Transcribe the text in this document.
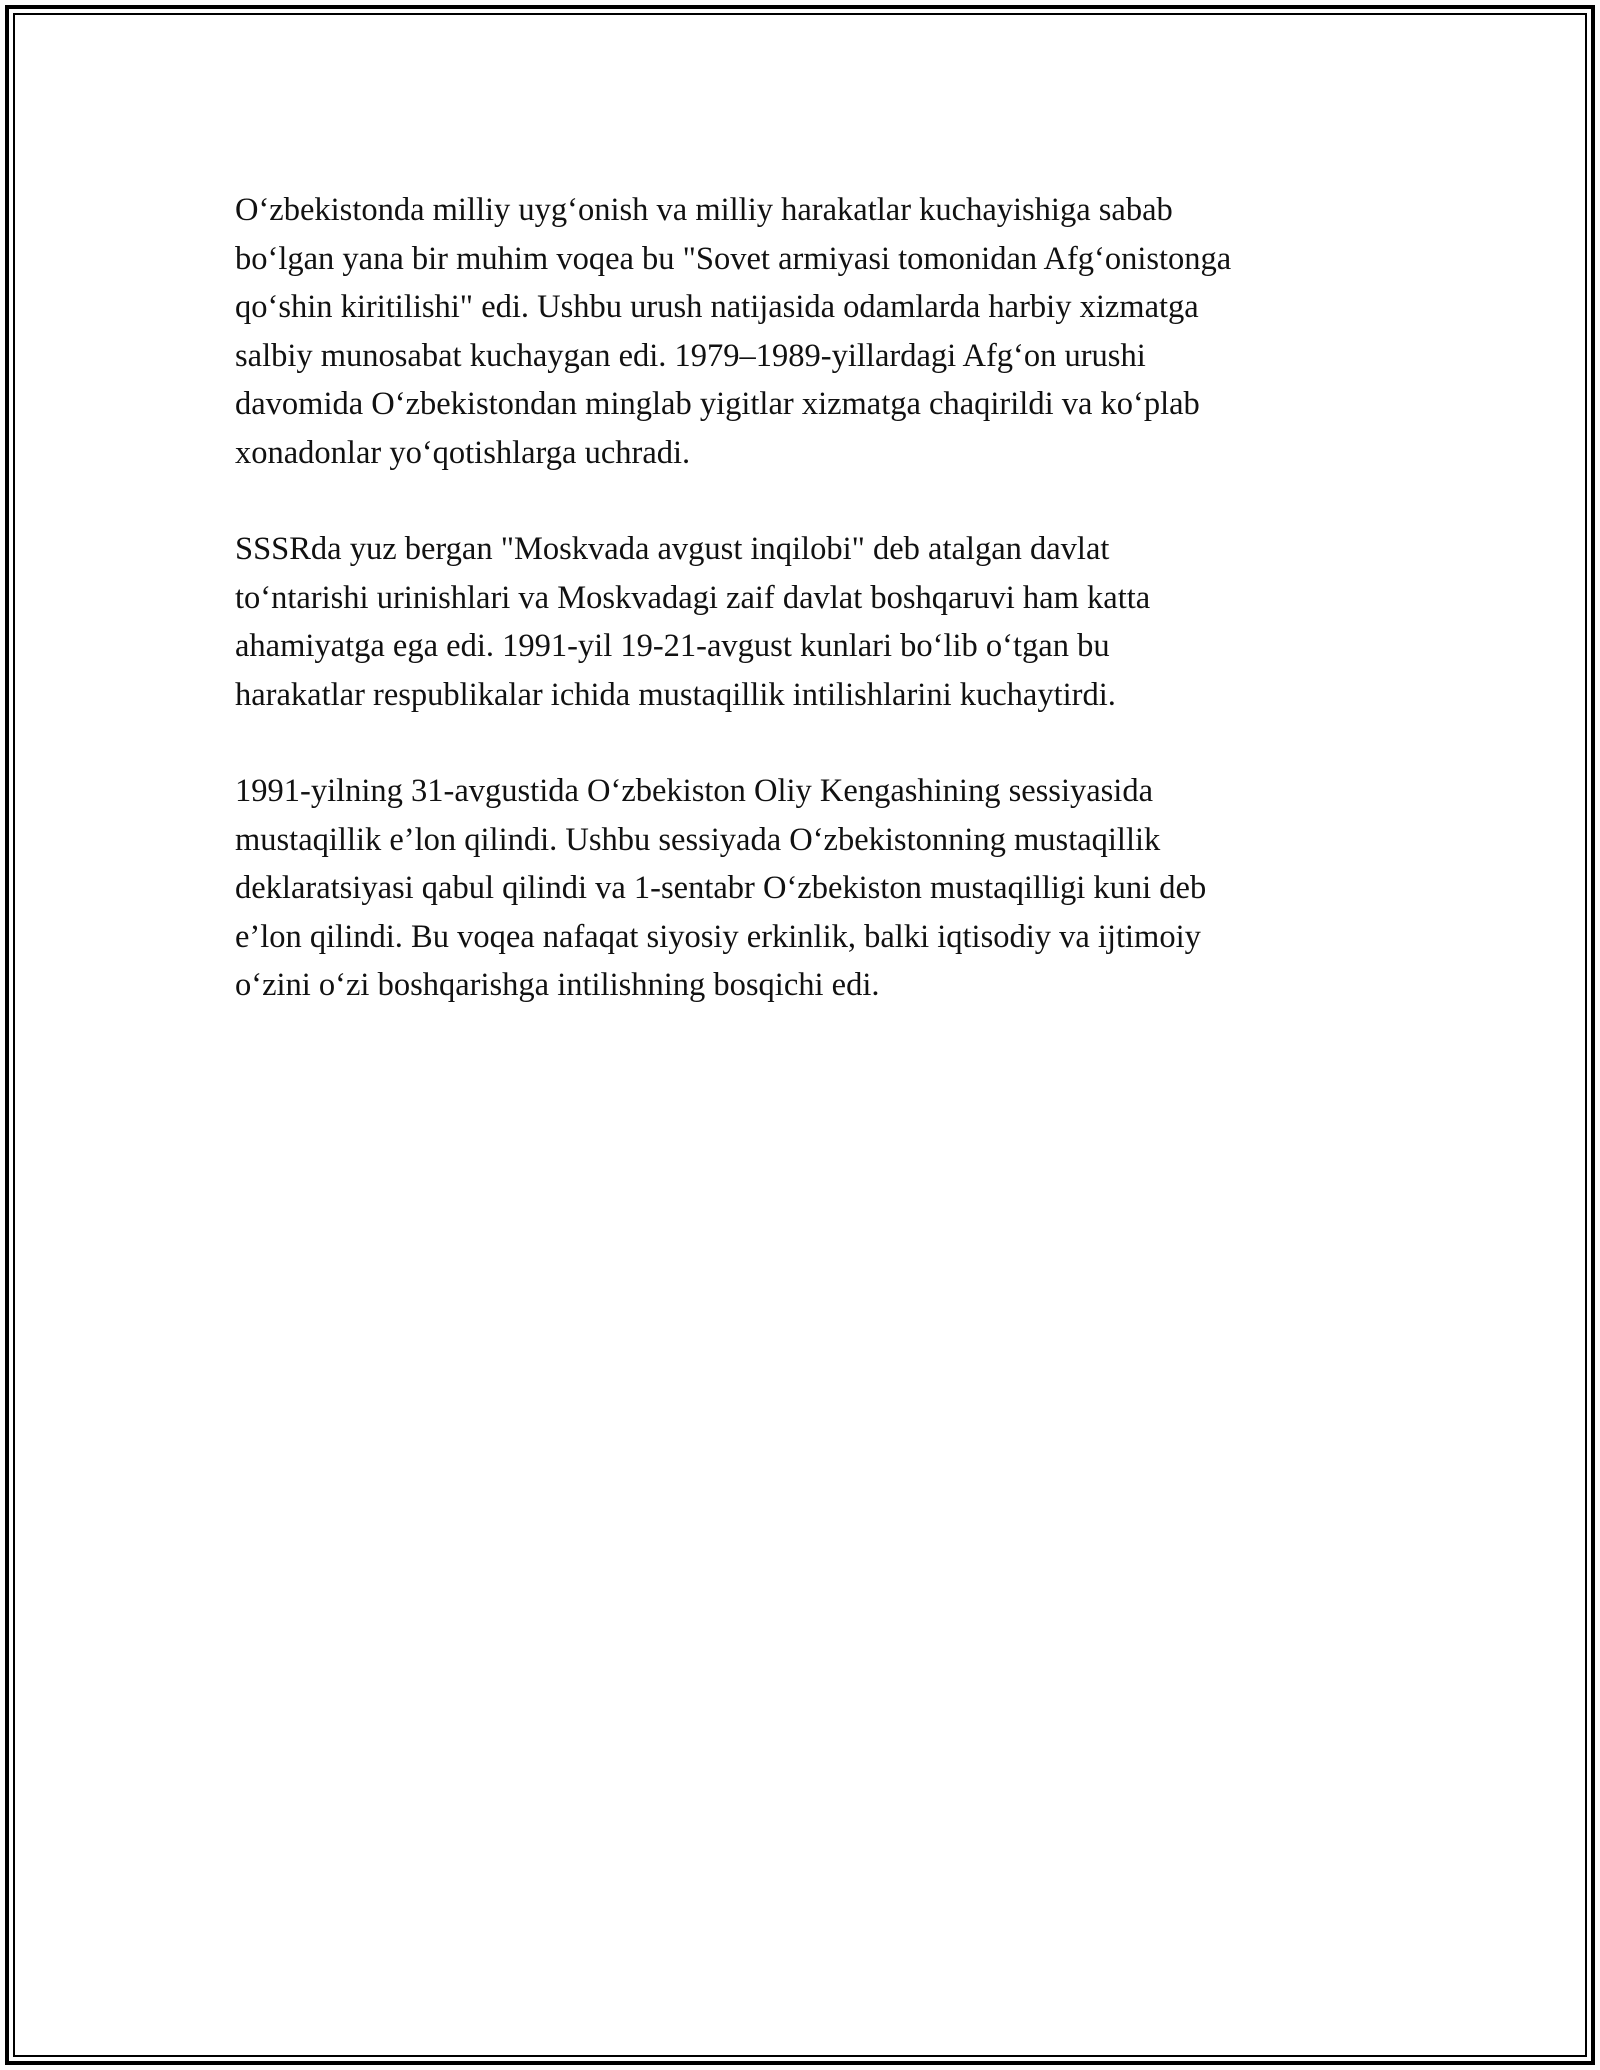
O‘zbekistonda milliy uyg‘onish va milliy harakatlar kuchayishiga sabab
bo‘lgan yana bir muhim voqea bu "Sovet armiyasi tomonidan Afg‘onistonga
qo‘shin kiritilishi" edi. Ushbu urush natijasida odamlarda harbiy xizmatga
salbiy munosabat kuchaygan edi. 1979–1989-yillardagi Afg‘on urushi
davomida O‘zbekistondan minglab yigitlar xizmatga chaqirildi va ko‘plab
xonadonlar yo‘qotishlarga uchradi.

SSSRda yuz bergan "Moskvada avgust inqilobi" deb atalgan davlat
to‘ntarishi urinishlari va Moskvadagi zaif davlat boshqaruvi ham katta
ahamiyatga ega edi. 1991-yil 19-21-avgust kunlari bo‘lib o‘tgan bu
harakatlar respublikalar ichida mustaqillik intilishlarini kuchaytirdi.

1991-yilning 31-avgustida O‘zbekiston Oliy Kengashining sessiyasida
mustaqillik e’lon qilindi. Ushbu sessiyada O‘zbekistonning mustaqillik
deklaratsiyasi qabul qilindi va 1-sentabr O‘zbekiston mustaqilligi kuni deb
e’lon qilindi. Bu voqea nafaqat siyosiy erkinlik, balki iqtisodiy va ijtimoiy
o‘zini o‘zi boshqarishga intilishning bosqichi edi.
